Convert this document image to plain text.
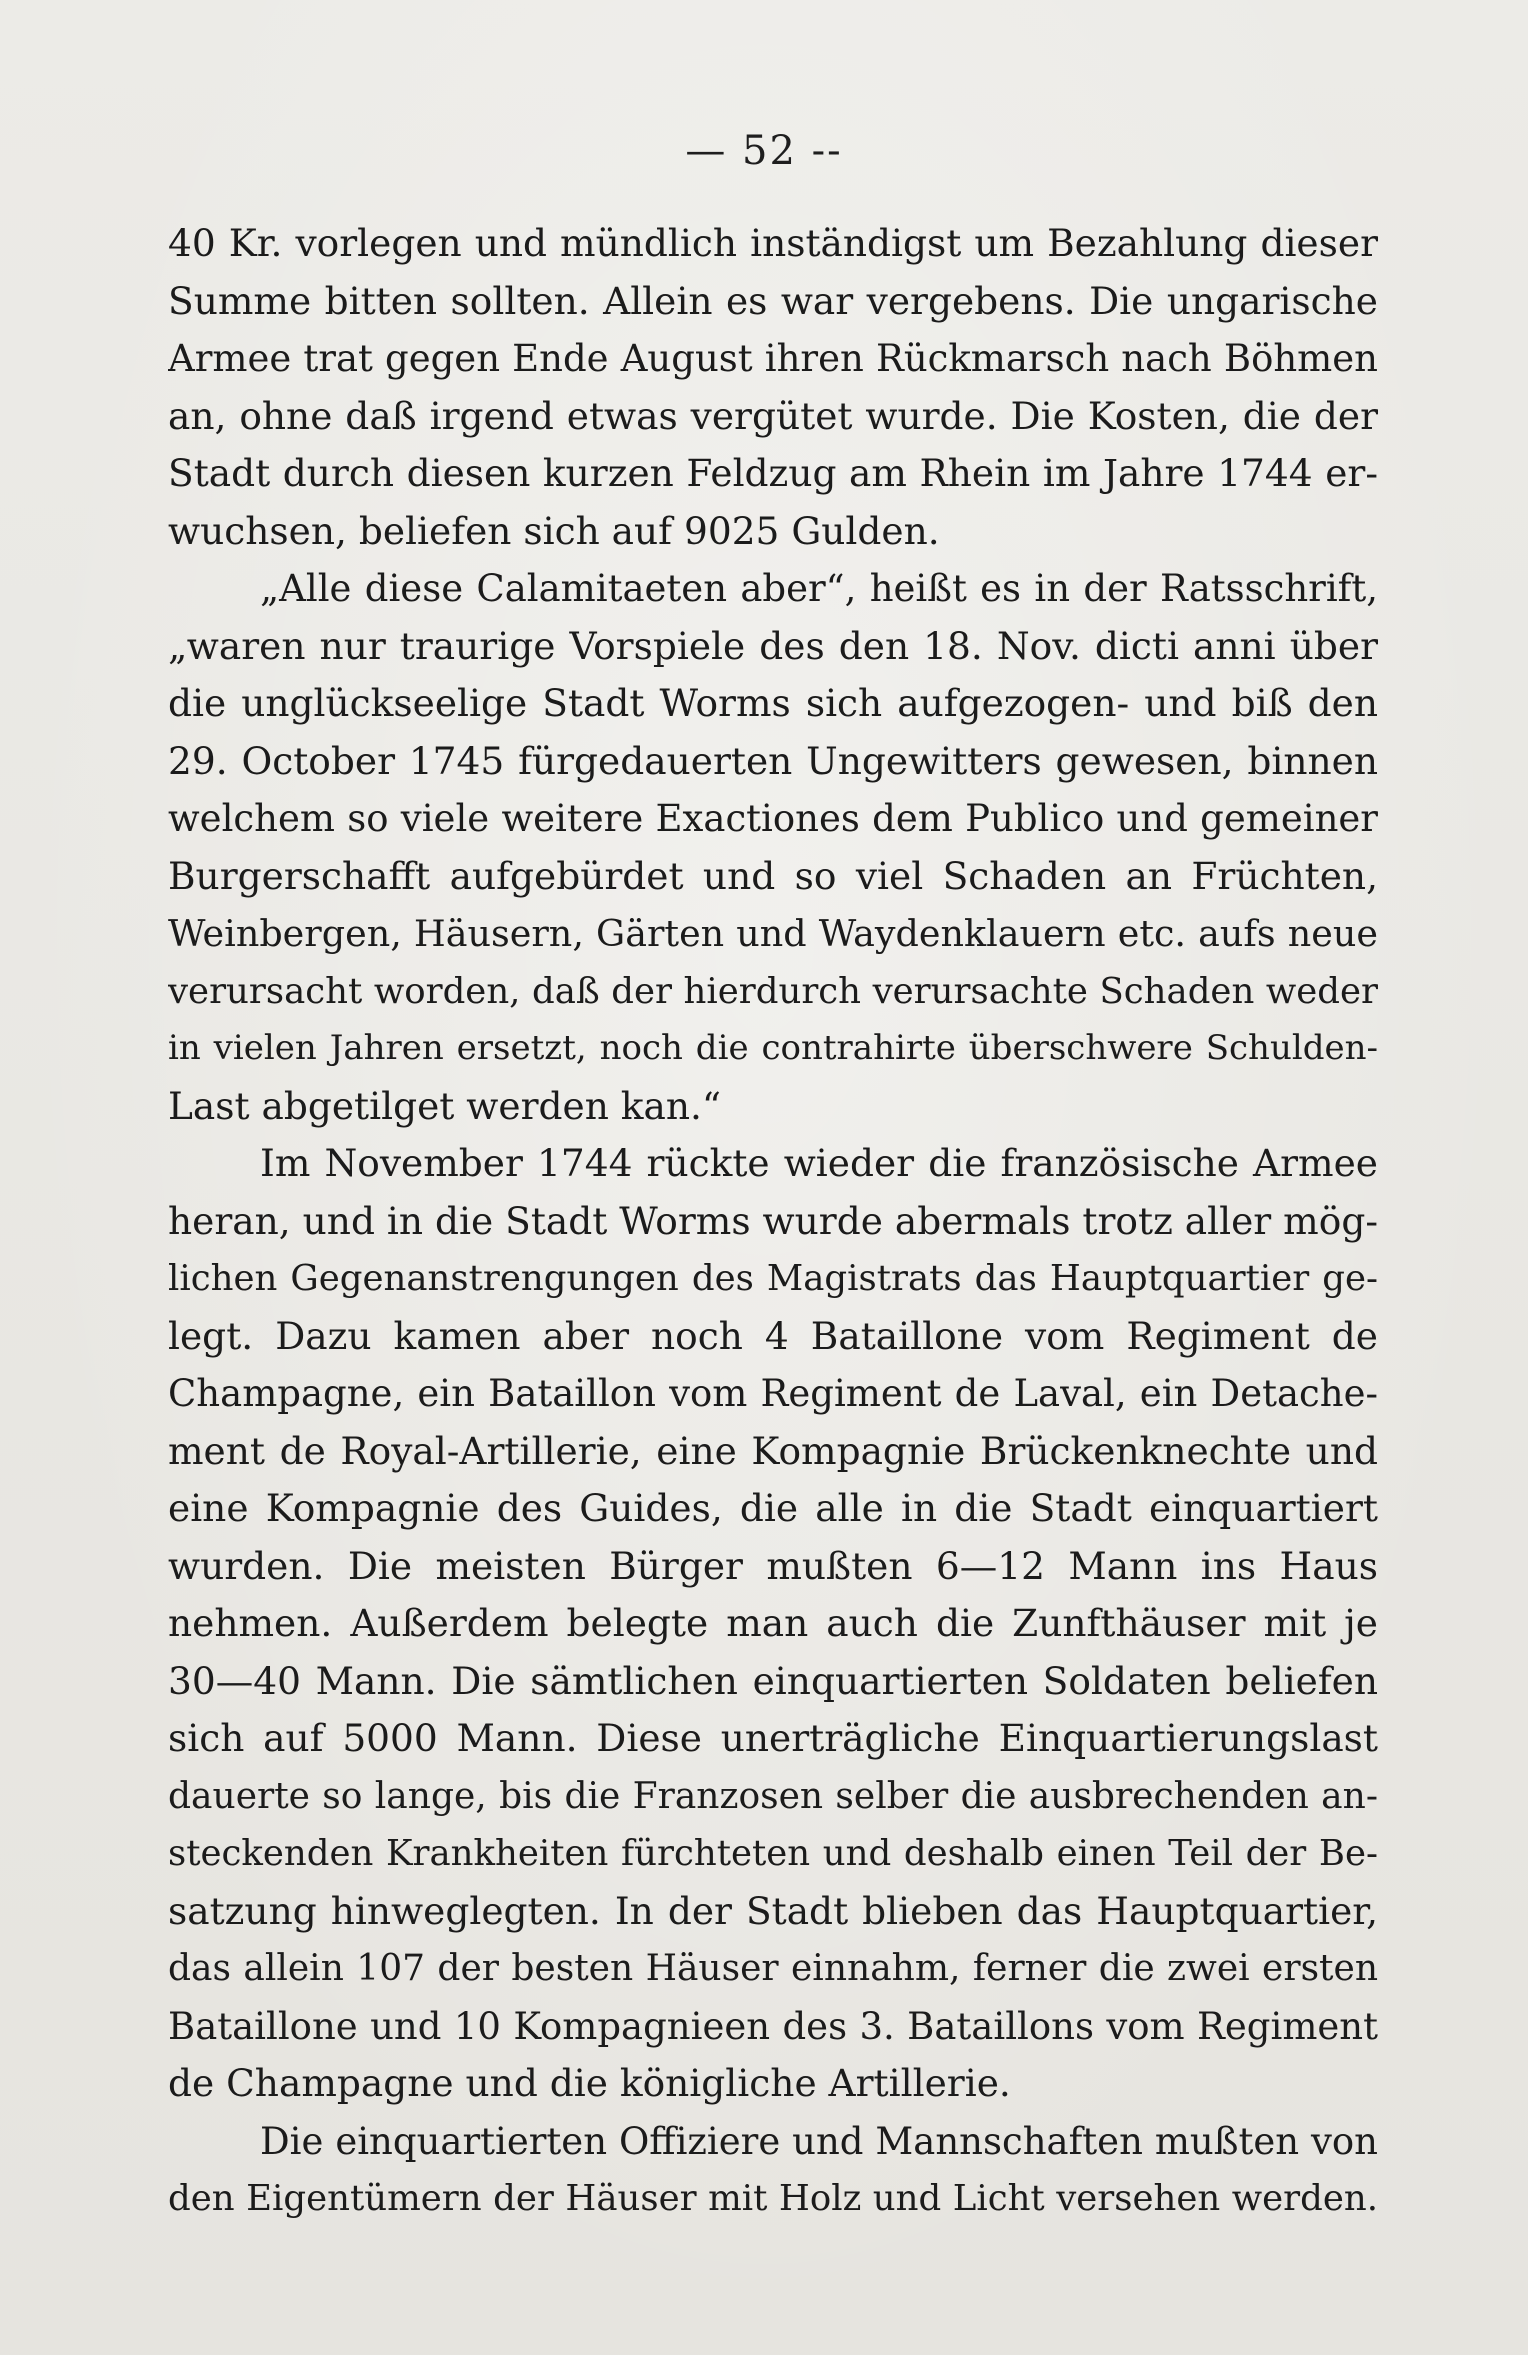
— 52 --
40 Kr. vorlegen und mündlich inständigst um Bezahlung dieser
Summe bitten sollten. Allein es war vergebens. Die ungarische
Armee trat gegen Ende August ihren Rückmarsch nach Böhmen
an, ohne daß irgend etwas vergütet wurde. Die Kosten, die der
Stadt durch diesen kurzen Feldzug am Rhein im Jahre 1744 er-
wuchsen, beliefen sich auf 9025 Gulden.
„Alle diese Calamitaeten aber“, heißt es in der Ratsschrift,
„waren nur traurige Vorspiele des den 18. Nov. dicti anni über
die unglückseelige Stadt Worms sich aufgezogen- und biß den
29. October 1745 fürgedauerten Ungewitters gewesen, binnen
welchem so viele weitere Exactiones dem Publico und gemeiner
Burgerschafft aufgebürdet und so viel Schaden an Früchten,
Weinbergen, Häusern, Gärten und Waydenklauern etc. aufs neue
verursacht worden, daß der hierdurch verursachte Schaden weder
in vielen Jahren ersetzt, noch die contrahirte überschwere Schulden-
Last abgetilget werden kan.“
Im November 1744 rückte wieder die französische Armee
heran, und in die Stadt Worms wurde abermals trotz aller mög-
lichen Gegenanstrengungen des Magistrats das Hauptquartier ge-
legt. Dazu kamen aber noch 4 Bataillone vom Regiment de
Champagne, ein Bataillon vom Regiment de Laval, ein Detache-
ment de Royal-Artillerie, eine Kompagnie Brückenknechte und
eine Kompagnie des Guides, die alle in die Stadt einquartiert
wurden. Die meisten Bürger mußten 6—12 Mann ins Haus
nehmen. Außerdem belegte man auch die Zunfthäuser mit je
30—40 Mann. Die sämtlichen einquartierten Soldaten beliefen
sich auf 5000 Mann. Diese unerträgliche Einquartierungslast
dauerte so lange, bis die Franzosen selber die ausbrechenden an-
steckenden Krankheiten fürchteten und deshalb einen Teil der Be-
satzung hinweglegten. In der Stadt blieben das Hauptquartier,
das allein 107 der besten Häuser einnahm, ferner die zwei ersten
Bataillone und 10 Kompagnieen des 3. Bataillons vom Regiment
de Champagne und die königliche Artillerie.
Die einquartierten Offiziere und Mannschaften mußten von
den Eigentümern der Häuser mit Holz und Licht versehen werden.
